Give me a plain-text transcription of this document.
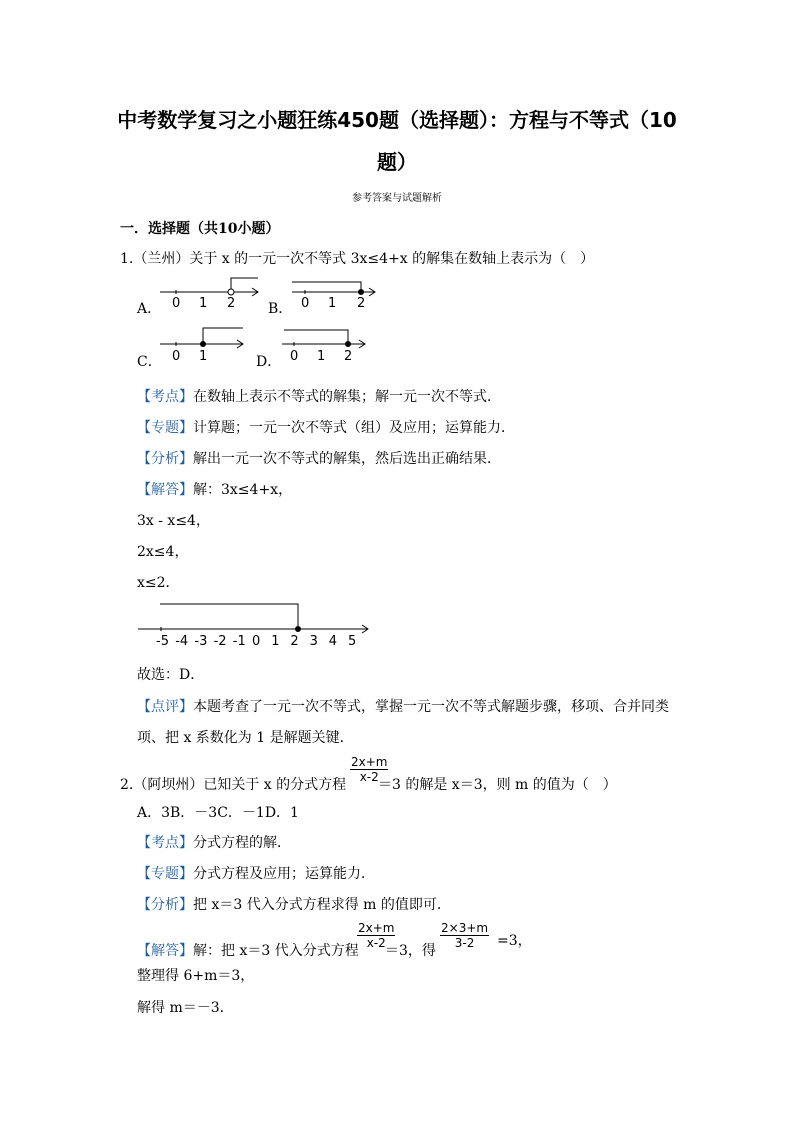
中考数学复习之小题狂练450题（选择题）：方程与不等式（10
题）
参考答案与试题解析
一．选择题（共10小题）
1.（兰州）关于 x 的一元一次不等式 3x≤4+x 的解集在数轴上表示为（　）
A． 0 1 2 B． 0 1 2
C． 0 1	D． 0 1 2
【考点】在数轴上表示不等式的解集；解一元一次不等式．
【专题】计算题；一元一次不等式（组）及应用；运算能力．
【分析】解出一元一次不等式的解集，然后选出正确结果．
【解答】解：3x≤4+x，
3x - x≤4，
2x≤4，
x≤2．
-5 -4 -3 -2 -1 0 1 2 3 4 5
故选：D．
【点评】本题考查了一元一次不等式，掌握一元一次不等式解题步骤，移项、合并同类
项、把 x 系数化为 1 是解题关键．
2.（阿坝州）已知关于 x 的分式方程
$\frac{2x+m}{x-2}$
＝3 的解是 x＝3，则 m 的值为（　）
A．3B．－3C．－1D．1
【考点】分式方程的解．
【专题】分式方程及应用；运算能力．
【分析】把 x＝3 代入分式方程求得 m 的值即可．
【解答】解：把 x＝3 代入分式方程
$\frac{2x+m}{x-2}$
＝3，得
$\frac{2\times 3+m}{3-2} =3$，
整理得 6+m＝3，
解得 m＝－3．
